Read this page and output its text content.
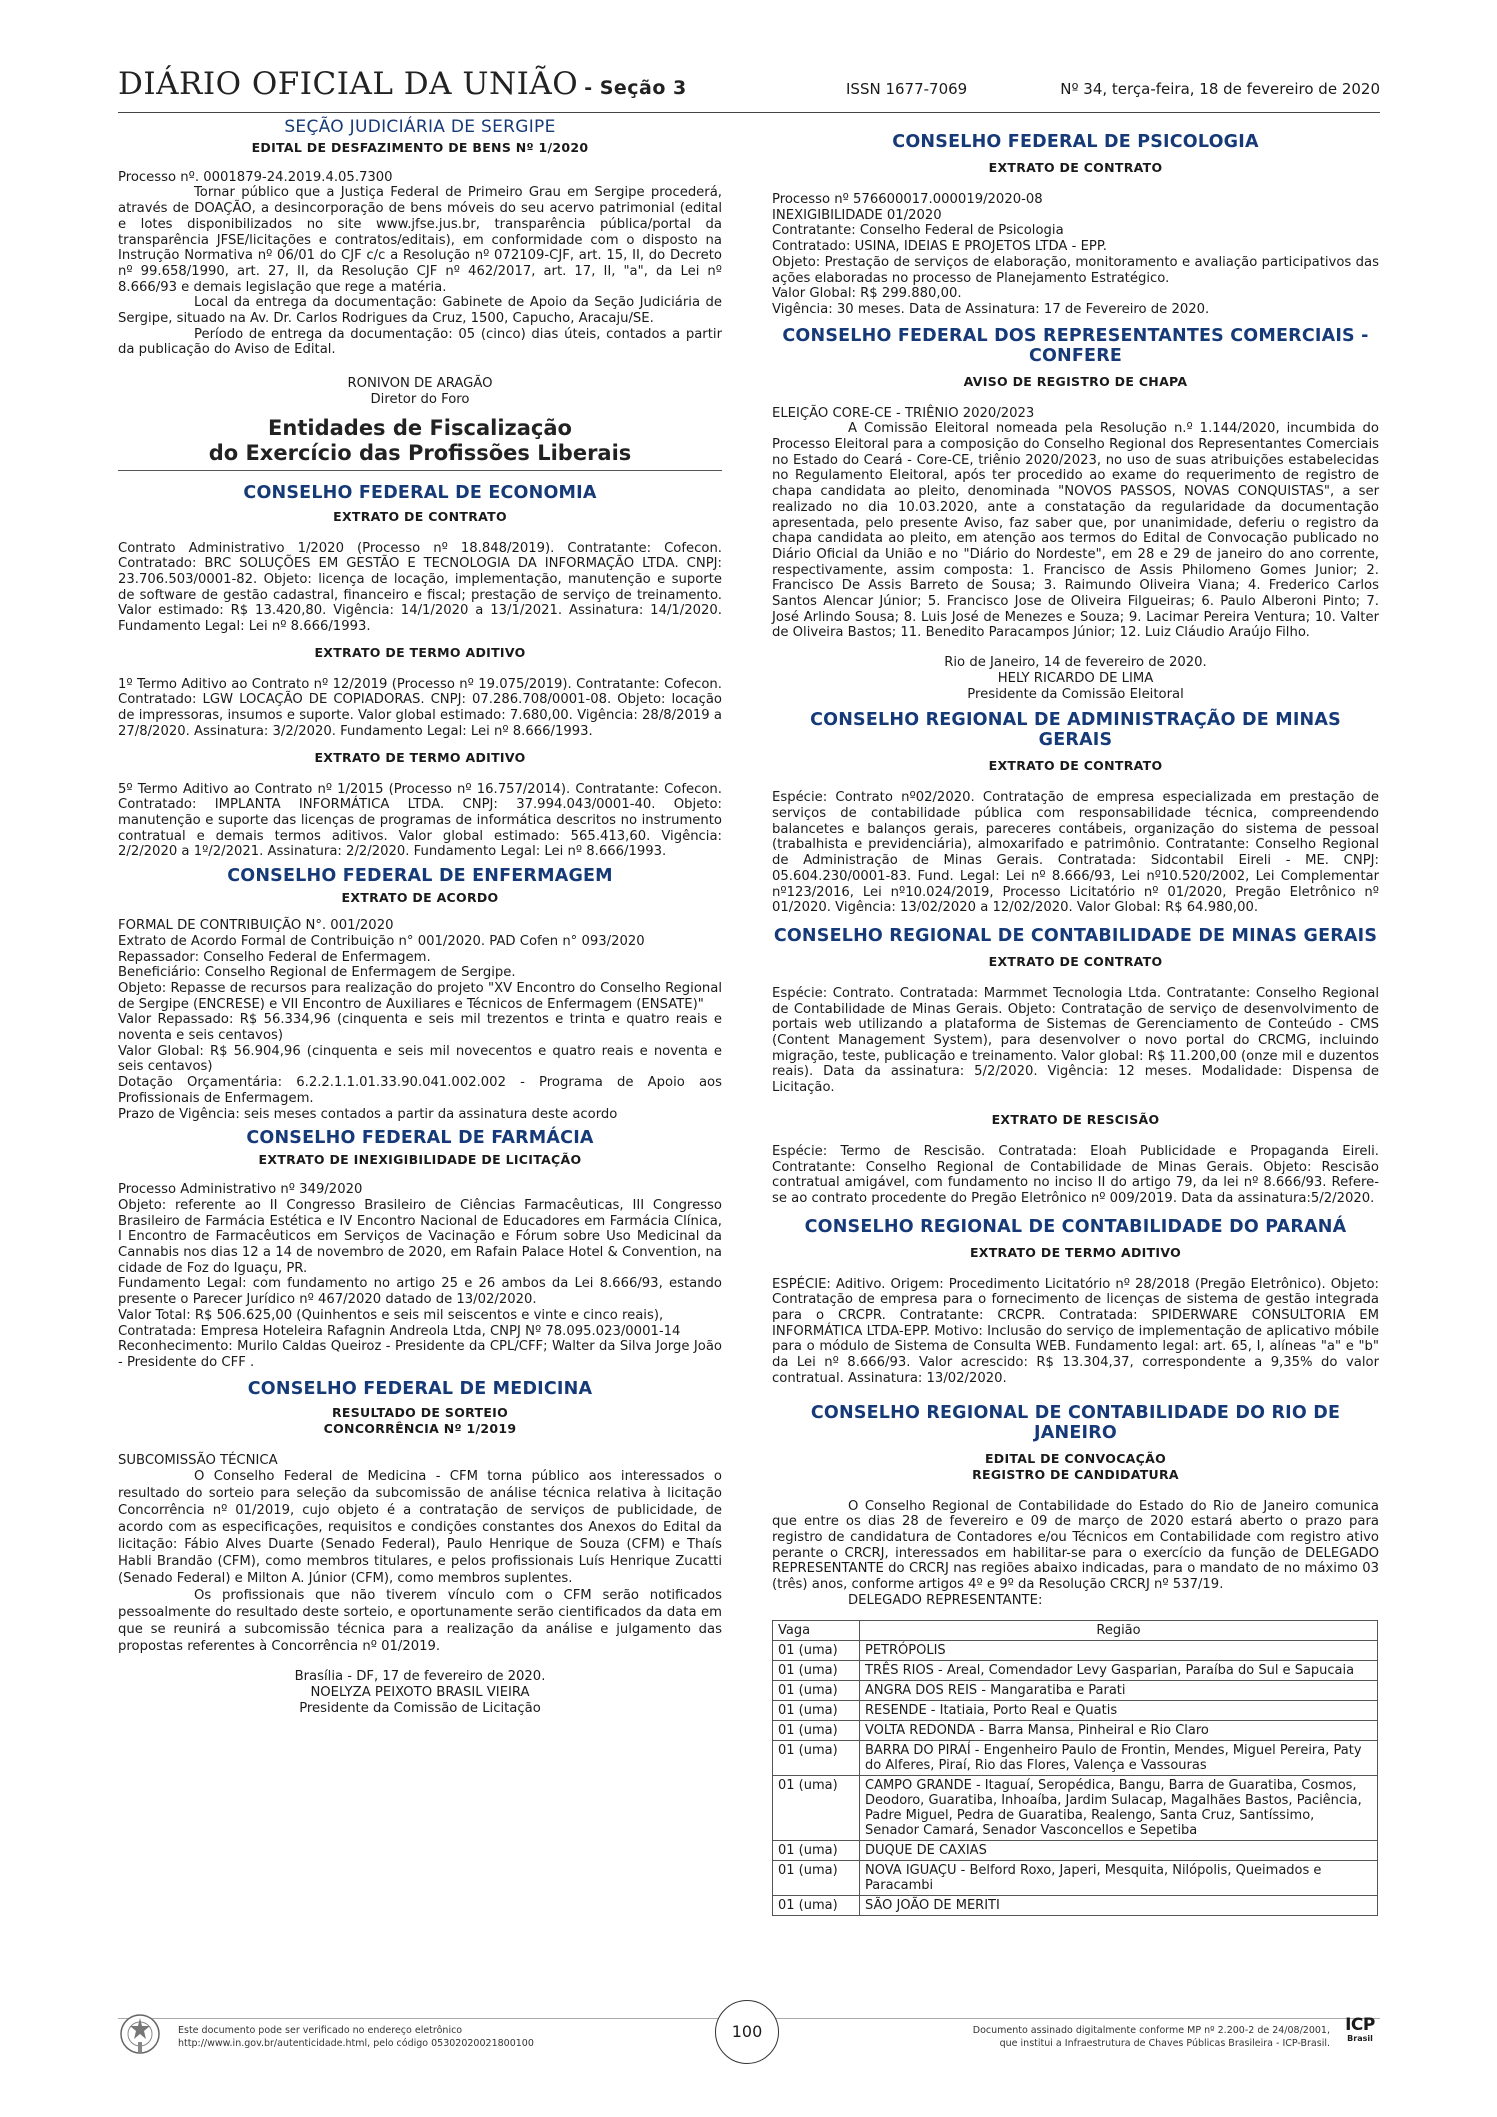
DIÁRIO OFICIAL DA UNIÃO - Seção 3	ISSN 1677-7069	Nº 34, terça-feira, 18 de fevereiro de 2020
SEÇÃO JUDICIÁRIA DE SERGIPE
EDITAL DE DESFAZIMENTO DE BENS Nº 1/2020

Processo nº. 0001879-24.2019.4.05.7300

Tornar público que a Justiça Federal de Primeiro Grau em Sergipe procederá, através de DOAÇÃO, a desincorporação de bens móveis do seu acervo patrimonial (edital e lotes disponibilizados no site www.jfse.jus.br, transparência pública/portal da transparência JFSE/licitações e contratos/editais), em conformidade com o disposto na Instrução Normativa nº 06/01 do CJF c/c a Resolução nº 072109-CJF, art. 15, II, do Decreto nº 99.658/1990, art. 27, II, da Resolução CJF nº 462/2017, art. 17, II, "a", da Lei nº 8.666/93 e demais legislação que rege a matéria.

Local da entrega da documentação: Gabinete de Apoio da Seção Judiciária de Sergipe, situado na Av. Dr. Carlos Rodrigues da Cruz, 1500, Capucho, Aracaju/SE.

Período de entrega da documentação: 05 (cinco) dias úteis, contados a partir da publicação do Aviso de Edital.

RONIVON DE ARAGÃO
Diretor do Foro
Entidades de Fiscalização
do Exercício das Profissões Liberais
CONSELHO FEDERAL DE ECONOMIA
EXTRATO DE CONTRATO

Contrato Administrativo 1/2020 (Processo nº 18.848/2019). Contratante: Cofecon. Contratado: BRC SOLUÇÕES EM GESTÃO E TECNOLOGIA DA INFORMAÇÃO LTDA. CNPJ: 23.706.503/0001-82. Objeto: licença de locação, implementação, manutenção e suporte de software de gestão cadastral, financeiro e fiscal; prestação de serviço de treinamento. Valor estimado: R$ 13.420,80. Vigência: 14/1/2020 a 13/1/2021. Assinatura: 14/1/2020. Fundamento Legal: Lei nº 8.666/1993.

EXTRATO DE TERMO ADITIVO

1º Termo Aditivo ao Contrato nº 12/2019 (Processo nº 19.075/2019). Contratante: Cofecon. Contratado: LGW LOCAÇÃO DE COPIADORAS. CNPJ: 07.286.708/0001-08. Objeto: locação de impressoras, insumos e suporte. Valor global estimado: 7.680,00. Vigência: 28/8/2019 a 27/8/2020. Assinatura: 3/2/2020. Fundamento Legal: Lei nº 8.666/1993.

EXTRATO DE TERMO ADITIVO

5º Termo Aditivo ao Contrato nº 1/2015 (Processo nº 16.757/2014). Contratante: Cofecon. Contratado: IMPLANTA INFORMÁTICA LTDA. CNPJ: 37.994.043/0001-40. Objeto: manutenção e suporte das licenças de programas de informática descritos no instrumento contratual e demais termos aditivos. Valor global estimado: 565.413,60. Vigência: 2/2/2020 a 1º/2/2021. Assinatura: 2/2/2020. Fundamento Legal: Lei nº 8.666/1993.

CONSELHO FEDERAL DE ENFERMAGEM
EXTRATO DE ACORDO

FORMAL DE CONTRIBUIÇÃO N°. 001/2020

Extrato de Acordo Formal de Contribuição n° 001/2020. PAD Cofen n° 093/2020

Repassador: Conselho Federal de Enfermagem.

Beneficiário: Conselho Regional de Enfermagem de Sergipe.

Objeto: Repasse de recursos para realização do projeto "XV Encontro do Conselho Regional de Sergipe (ENCRESE) e VII Encontro de Auxiliares e Técnicos de Enfermagem (ENSATE)"

Valor Repassado: R$ 56.334,96 (cinquenta e seis mil trezentos e trinta e quatro reais e noventa e seis centavos)

Valor Global: R$ 56.904,96 (cinquenta e seis mil novecentos e quatro reais e noventa e seis centavos)

Dotação Orçamentária: 6.2.2.1.1.01.33.90.041.002.002 - Programa de Apoio aos Profissionais de Enfermagem.

Prazo de Vigência: seis meses contados a partir da assinatura deste acordo

CONSELHO FEDERAL DE FARMÁCIA
EXTRATO DE INEXIGIBILIDADE DE LICITAÇÃO

Processo Administrativo nº 349/2020

Objeto: referente ao II Congresso Brasileiro de Ciências Farmacêuticas, III Congresso Brasileiro de Farmácia Estética e IV Encontro Nacional de Educadores em Farmácia Clínica, I Encontro de Farmacêuticos em Serviços de Vacinação e Fórum sobre Uso Medicinal da Cannabis nos dias 12 a 14 de novembro de 2020, em Rafain Palace Hotel & Convention, na cidade de Foz do Iguaçu, PR.

Fundamento Legal: com fundamento no artigo 25 e 26 ambos da Lei 8.666/93, estando presente o Parecer Jurídico nº 467/2020 datado de 13/02/2020.

Valor Total: R$ 506.625,00 (Quinhentos e seis mil seiscentos e vinte e cinco reais),

Contratada: Empresa Hoteleira Rafagnin Andreola Ltda, CNPJ Nº 78.095.023/0001-14

Reconhecimento: Murilo Caldas Queiroz - Presidente da CPL/CFF; Walter da Silva Jorge João - Presidente do CFF .

CONSELHO FEDERAL DE MEDICINA
RESULTADO DE SORTEIO
CONCORRÊNCIA Nº 1/2019

SUBCOMISSÃO TÉCNICA

O Conselho Federal de Medicina - CFM torna público aos interessados o resultado do sorteio para seleção da subcomissão de análise técnica relativa à licitação Concorrência nº 01/2019, cujo objeto é a contratação de serviços de publicidade, de acordo com as especificações, requisitos e condições constantes dos Anexos do Edital da licitação: Fábio Alves Duarte (Senado Federal), Paulo Henrique de Souza (CFM) e Thaís Habli Brandão (CFM), como membros titulares, e pelos profissionais Luís Henrique Zucatti (Senado Federal) e Milton A. Júnior (CFM), como membros suplentes.

Os profissionais que não tiverem vínculo com o CFM serão notificados pessoalmente do resultado deste sorteio, e oportunamente serão cientificados da data em que se reunirá a subcomissão técnica para a realização da análise e julgamento das propostas referentes à Concorrência nº 01/2019.

Brasília - DF, 17 de fevereiro de 2020.
NOELYZA PEIXOTO BRASIL VIEIRA
Presidente da Comissão de Licitação
CONSELHO FEDERAL DE PSICOLOGIA
EXTRATO DE CONTRATO

Processo nº 576600017.000019/2020-08

INEXIGIBILIDADE 01/2020

Contratante: Conselho Federal de Psicologia

Contratado: USINA, IDEIAS E PROJETOS LTDA - EPP.

Objeto: Prestação de serviços de elaboração, monitoramento e avaliação participativos das ações elaboradas no processo de Planejamento Estratégico.

Valor Global: R$ 299.880,00.

Vigência: 30 meses. Data de Assinatura: 17 de Fevereiro de 2020.

CONSELHO FEDERAL DOS REPRESENTANTES COMERCIAIS -
CONFERE
AVISO DE REGISTRO DE CHAPA

ELEIÇÃO CORE-CE - TRIÊNIO 2020/2023

A Comissão Eleitoral nomeada pela Resolução n.º 1.144/2020, incumbida do Processo Eleitoral para a composição do Conselho Regional dos Representantes Comerciais no Estado do Ceará - Core-CE, triênio 2020/2023, no uso de suas atribuições estabelecidas no Regulamento Eleitoral, após ter procedido ao exame do requerimento de registro de chapa candidata ao pleito, denominada "NOVOS PASSOS, NOVAS CONQUISTAS", a ser realizado no dia 10.03.2020, ante a constatação da regularidade da documentação apresentada, pelo presente Aviso, faz saber que, por unanimidade, deferiu o registro da chapa candidata ao pleito, em atenção aos termos do Edital de Convocação publicado no Diário Oficial da União e no "Diário do Nordeste", em 28 e 29 de janeiro do ano corrente, respectivamente, assim composta: 1. Francisco de Assis Philomeno Gomes Junior; 2. Francisco De Assis Barreto de Sousa; 3. Raimundo Oliveira Viana; 4. Frederico Carlos Santos Alencar Júnior; 5. Francisco Jose de Oliveira Filgueiras; 6. Paulo Alberoni Pinto; 7. José Arlindo Sousa; 8. Luis José de Menezes e Souza; 9. Lacimar Pereira Ventura; 10. Valter de Oliveira Bastos; 11. Benedito Paracampos Júnior; 12. Luiz Cláudio Araújo Filho.

Rio de Janeiro, 14 de fevereiro de 2020.
HELY RICARDO DE LIMA
Presidente da Comissão Eleitoral
CONSELHO REGIONAL DE ADMINISTRAÇÃO DE MINAS GERAIS
EXTRATO DE CONTRATO

Espécie: Contrato nº02/2020. Contratação de empresa especializada em prestação de serviços de contabilidade pública com responsabilidade técnica, compreendendo balancetes e balanços gerais, pareceres contábeis, organização do sistema de pessoal (trabalhista e previdenciária), almoxarifado e patrimônio. Contratante: Conselho Regional de Administração de Minas Gerais. Contratada: Sidcontabil Eireli - ME. CNPJ: 05.604.230/0001-83. Fund. Legal: Lei nº 8.666/93, Lei nº10.520/2002, Lei Complementar nº123/2016, Lei nº10.024/2019, Processo Licitatório nº 01/2020, Pregão Eletrônico nº 01/2020. Vigência: 13/02/2020 a 12/02/2020. Valor Global: R$ 64.980,00.

CONSELHO REGIONAL DE CONTABILIDADE DE MINAS GERAIS
EXTRATO DE CONTRATO

Espécie: Contrato. Contratada: Marmmet Tecnologia Ltda. Contratante: Conselho Regional de Contabilidade de Minas Gerais. Objeto: Contratação de serviço de desenvolvimento de portais web utilizando a plataforma de Sistemas de Gerenciamento de Conteúdo - CMS (Content Management System), para desenvolver o novo portal do CRCMG, incluindo migração, teste, publicação e treinamento. Valor global: R$ 11.200,00 (onze mil e duzentos reais). Data da assinatura: 5/2/2020. Vigência: 12 meses. Modalidade: Dispensa de Licitação.

EXTRATO DE RESCISÃO

Espécie: Termo de Rescisão. Contratada: Eloah Publicidade e Propaganda Eireli. Contratante: Conselho Regional de Contabilidade de Minas Gerais. Objeto: Rescisão contratual amigável, com fundamento no inciso II do artigo 79, da lei nº 8.666/93. Refere-se ao contrato procedente do Pregão Eletrônico nº 009/2019. Data da assinatura:5/2/2020.

CONSELHO REGIONAL DE CONTABILIDADE DO PARANÁ
EXTRATO DE TERMO ADITIVO

ESPÉCIE: Aditivo. Origem: Procedimento Licitatório nº 28/2018 (Pregão Eletrônico). Objeto: Contratação de empresa para o fornecimento de licenças de sistema de gestão integrada para o CRCPR. Contratante: CRCPR. Contratada: SPIDERWARE CONSULTORIA EM INFORMÁTICA LTDA-EPP. Motivo: Inclusão do serviço de implementação de aplicativo móbile para o módulo de Sistema de Consulta WEB. Fundamento legal: art. 65, I, alíneas "a" e "b" da Lei nº 8.666/93. Valor acrescido: R$ 13.304,37, correspondente a 9,35% do valor contratual. Assinatura: 13/02/2020.

CONSELHO REGIONAL DE CONTABILIDADE DO RIO DE JANEIRO
EDITAL DE CONVOCAÇÃO
REGISTRO DE CANDIDATURA

O Conselho Regional de Contabilidade do Estado do Rio de Janeiro comunica que entre os dias 28 de fevereiro e 09 de março de 2020 estará aberto o prazo para registro de candidatura de Contadores e/ou Técnicos em Contabilidade com registro ativo perante o CRCRJ, interessados em habilitar-se para o exercício da função de DELEGADO REPRESENTANTE do CRCRJ nas regiões abaixo indicadas, para o mandato de no máximo 03 (três) anos, conforme artigos 4º e 9º da Resolução CRCRJ nº 537/19.

DELEGADO REPRESENTANTE:

Vaga	Região
01 (uma)	PETRÓPOLIS
01 (uma)	TRÊS RIOS - Areal, Comendador Levy Gasparian, Paraíba do Sul e Sapucaia
01 (uma)	ANGRA DOS REIS - Mangaratiba e Parati
01 (uma)	RESENDE - Itatiaia, Porto Real e Quatis
01 (uma)	VOLTA REDONDA - Barra Mansa, Pinheiral e Rio Claro
01 (uma)	BARRA DO PIRAÍ - Engenheiro Paulo de Frontin, Mendes, Miguel Pereira, Paty do Alferes, Piraí, Rio das Flores, Valença e Vassouras
01 (uma)	CAMPO GRANDE - Itaguaí, Seropédica, Bangu, Barra de Guaratiba, Cosmos, Deodoro, Guaratiba, Inhoaíba, Jardim Sulacap, Magalhães Bastos, Paciência, Padre Miguel, Pedra de Guaratiba, Realengo, Santa Cruz, Santíssimo, Senador Camará, Senador Vasconcellos e Sepetiba
01 (uma)	DUQUE DE CAXIAS
01 (uma)	NOVA IGUAÇU - Belford Roxo, Japeri, Mesquita, Nilópolis, Queimados e Paracambi
01 (uma)	SÃO JOÃO DE MERITI
Este documento pode ser verificado no endereço eletrônico
http://www.in.gov.br/autenticidade.html, pelo código 05302020021800100
100	Documento assinado digitalmente conforme MP nº 2.200-2 de 24/08/2001,
que institui a Infraestrutura de Chaves Públicas Brasileira - ICP-Brasil.
ICP
Brasil
